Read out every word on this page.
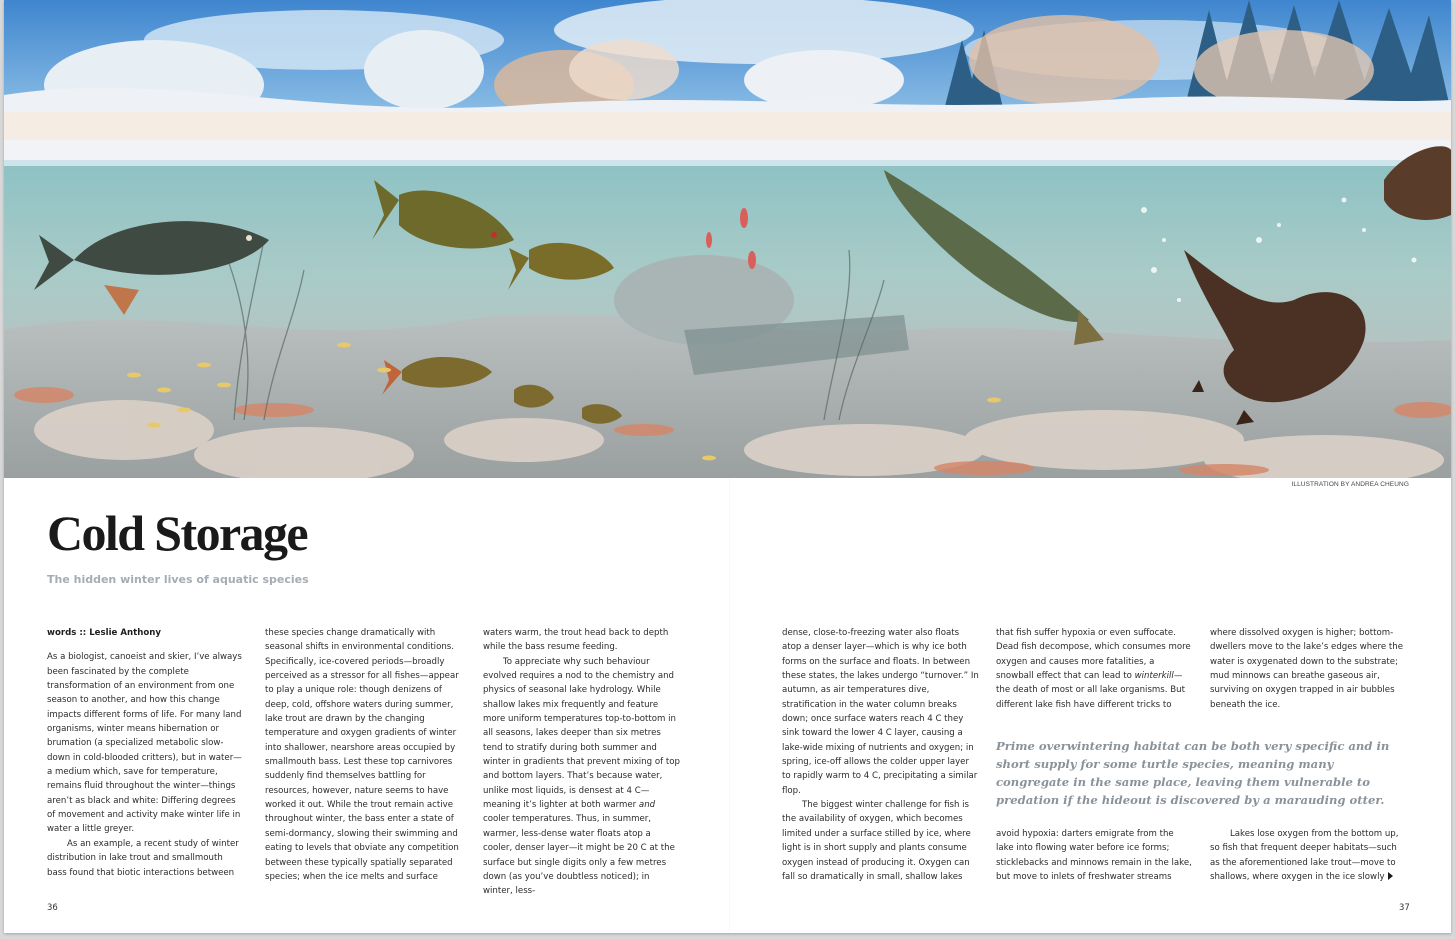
ILLUSTRATION BY ANDREA CHEUNG
Cold Storage
The hidden winter lives of aquatic species

words :: Leslie Anthony

As a biologist, canoeist and skier, I’ve always been fascinated by the complete transformation of an environment from one season to another, and how this change impacts different forms of life. For many land organisms, winter means hibernation or brumation (a specialized metabolic slow-down in cold-blooded critters), but in water—a medium which, save for temperature, remains fluid throughout the winter—things aren’t as black and white: Differing degrees of movement and activity make winter life in water a little greyer.

As an example, a recent study of winter distribution in lake trout and smallmouth bass found that biotic interactions between

these species change dramatically with seasonal shifts in environmental conditions. Specifically, ice-covered periods—broadly perceived as a stressor for all fishes—appear to play a unique role: though denizens of deep, cold, offshore waters during summer, lake trout are drawn by the changing temperature and oxygen gradients of winter into shallower, nearshore areas occupied by smallmouth bass. Lest these top carnivores suddenly find themselves battling for resources, however, nature seems to have worked it out. While the trout remain active throughout winter, the bass enter a state of semi-dormancy, slowing their swimming and eating to levels that obviate any competition between these typically spatially separated species; when the ice melts and surface

waters warm, the trout head back to depth while the bass resume feeding.

To appreciate why such behaviour evolved requires a nod to the chemistry and physics of seasonal lake hydrology. While shallow lakes mix frequently and feature more uniform temperatures top-to-bottom in all seasons, lakes deeper than six metres tend to stratify during both summer and winter in gradients that prevent mixing of top and bottom layers. That’s because water, unlike most liquids, is densest at 4 C—meaning it’s lighter at both warmer and cooler temperatures. Thus, in summer, warmer, less-dense water floats atop a cooler, denser layer—it might be 20 C at the surface but single digits only a few metres down (as you’ve doubtless noticed); in winter, less-

dense, close-to-freezing water also floats atop a denser layer—which is why ice both forms on the surface and floats. In between these states, the lakes undergo “turnover.” In autumn, as air temperatures dive, stratification in the water column breaks down; once surface waters reach 4 C they sink toward the lower 4 C layer, causing a lake-wide mixing of nutrients and oxygen; in spring, ice-off allows the colder upper layer to rapidly warm to 4 C, precipitating a similar flop.

The biggest winter challenge for fish is the availability of oxygen, which becomes limited under a surface stilled by ice, where light is in short supply and plants consume oxygen instead of producing it. Oxygen can fall so dramatically in small, shallow lakes

that fish suffer hypoxia or even suffocate. Dead fish decompose, which consumes more oxygen and causes more fatalities, a snowball effect that can lead to winterkill—the death of most or all lake organisms. But different lake fish have different tricks to

avoid hypoxia: darters emigrate from the lake into flowing water before ice forms; sticklebacks and minnows remain in the lake, but move to inlets of freshwater streams

where dissolved oxygen is higher; bottom-dwellers move to the lake’s edges where the water is oxygenated down to the substrate; mud minnows can breathe gaseous air, surviving on oxygen trapped in air bubbles beneath the ice.

Lakes lose oxygen from the bottom up, so fish that frequent deeper habitats—such as the aforementioned lake trout—move to shallows, where oxygen in the ice slowly

Prime overwintering habitat can be both very specific and in short supply for some turtle species, meaning many congregate in the same place, leaving them vulnerable to predation if the hideout is discovered by a marauding otter.
36	37
